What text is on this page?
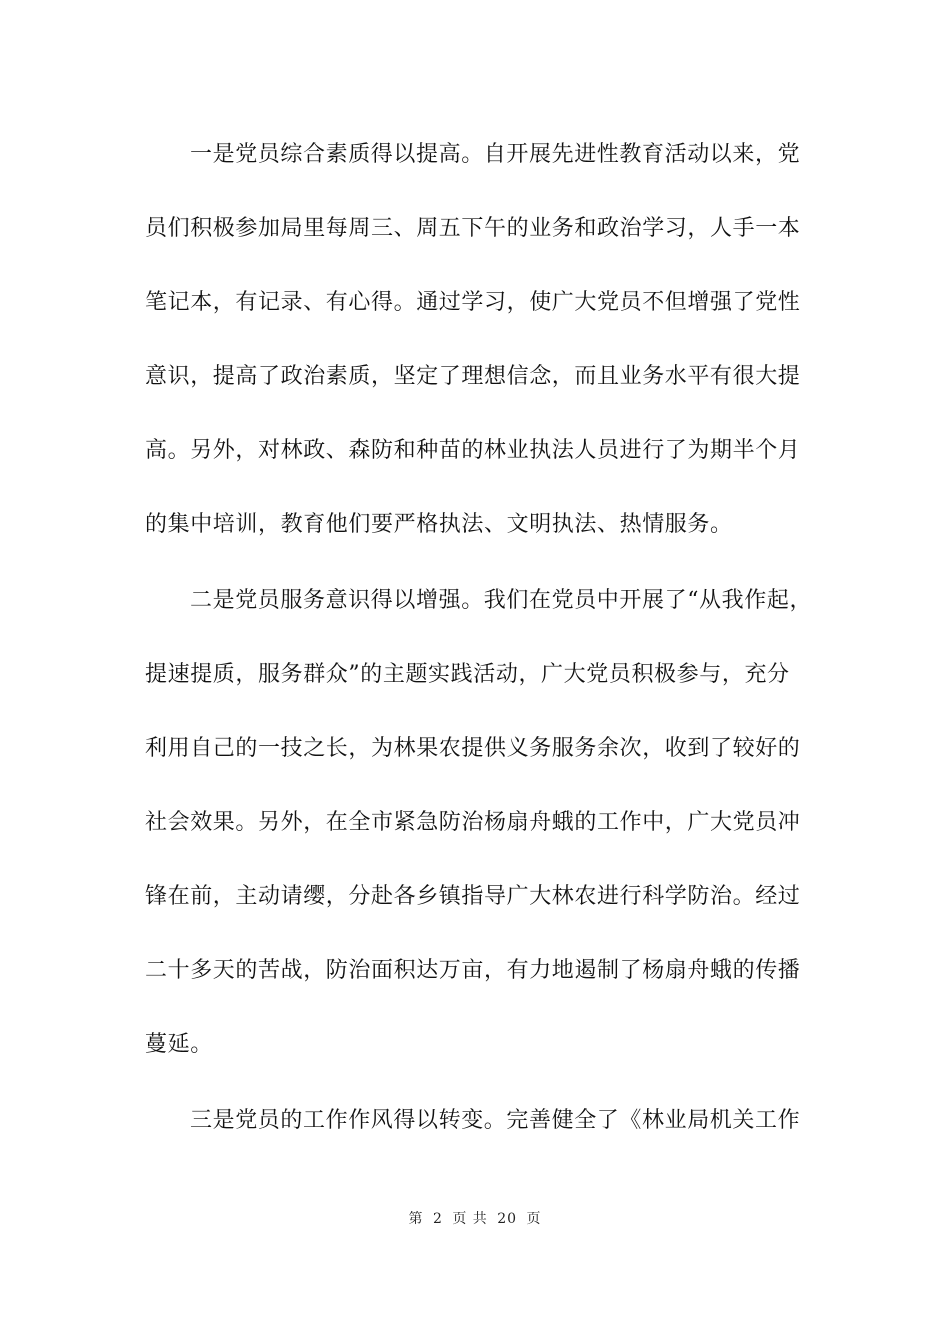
一是党员综合素质得以提高。自开展先进性教育活动以来，党
员们积极参加局里每周三、周五下午的业务和政治学习，人手一本
笔记本，有记录、有心得。通过学习，使广大党员不但增强了党性
意识，提高了政治素质，坚定了理想信念，而且业务水平有很大提
高。另外，对林政、森防和种苗的林业执法人员进行了为期半个月
的集中培训，教育他们要严格执法、文明执法、热情服务。
二是党员服务意识得以增强。我们在党员中开展了“从我作起，
提速提质，服务群众”的主题实践活动，广大党员积极参与，充分
利用自己的一技之长，为林果农提供义务服务余次，收到了较好的
社会效果。另外，在全市紧急防治杨扇舟蛾的工作中，广大党员冲
锋在前，主动请缨，分赴各乡镇指导广大林农进行科学防治。经过
二十多天的苦战，防治面积达万亩，有力地遏制了杨扇舟蛾的传播
蔓延。
三是党员的工作作风得以转变。完善健全了《林业局机关工作
第 2 页 共 20 页
